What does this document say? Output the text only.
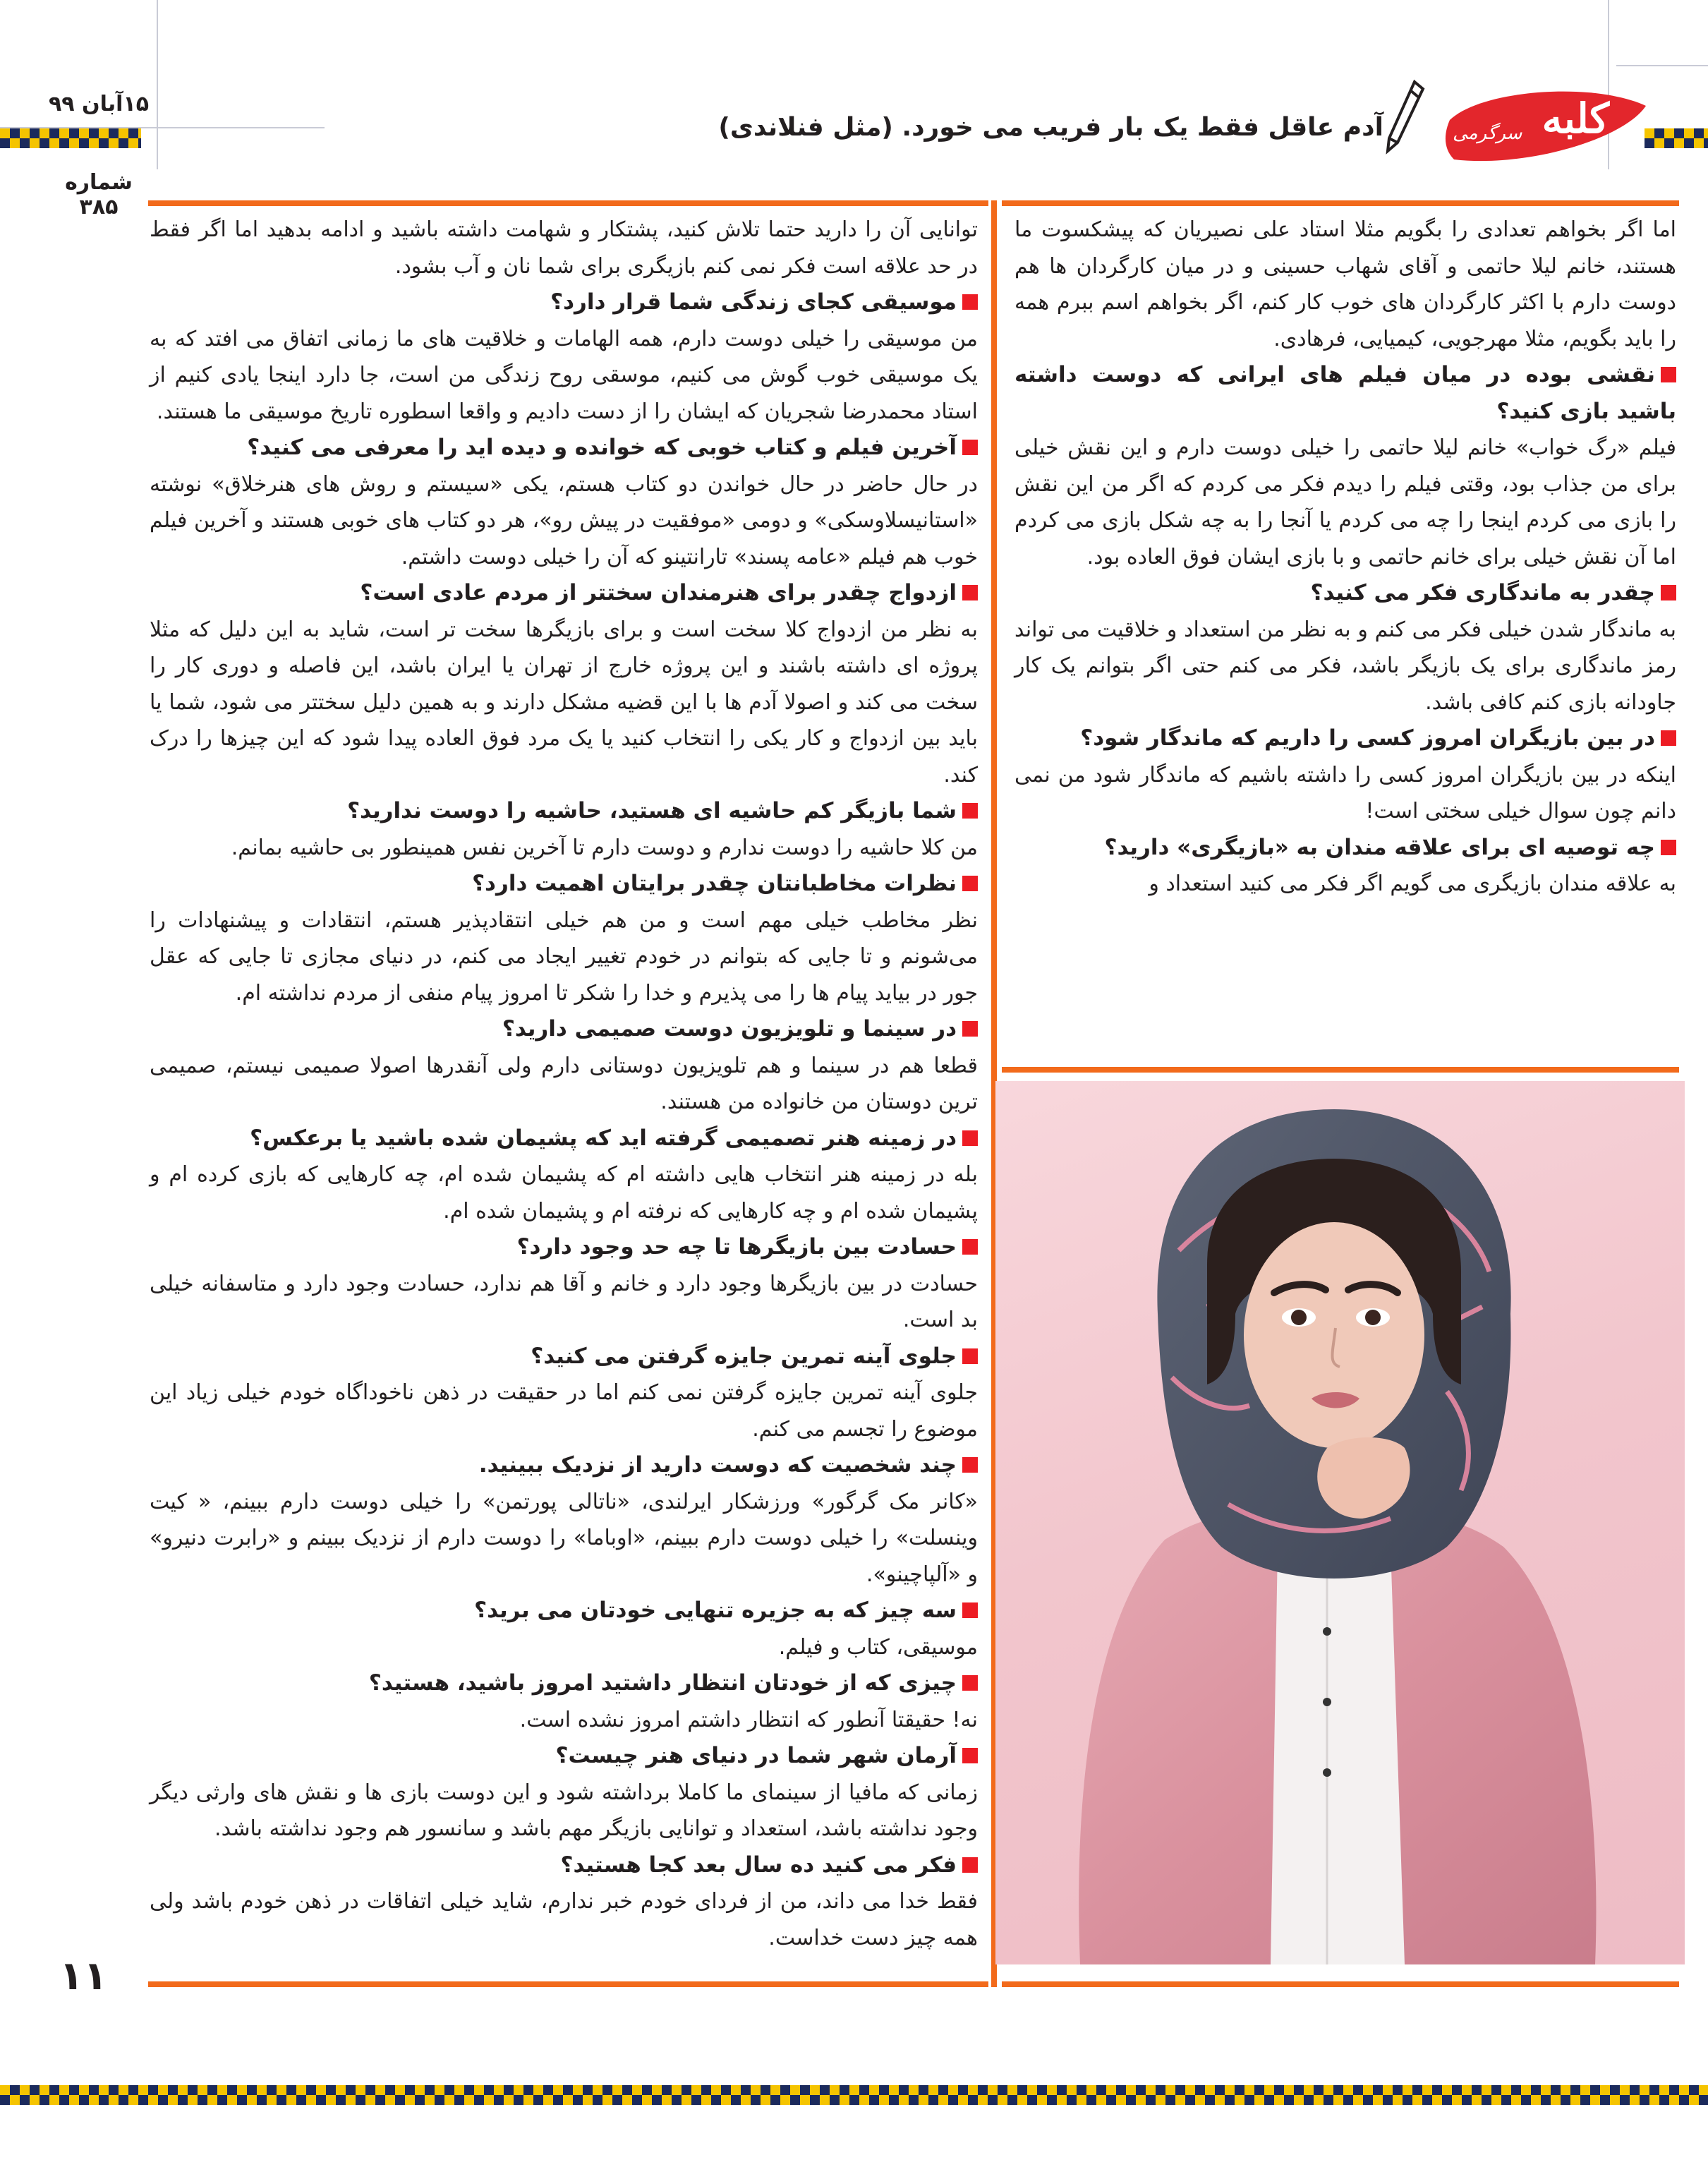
۱۵آبان ۹۹
شماره ۳۸۵
آدم عاقل فقط یک بار فریب می خورد. (مثل فنلاندی)	کلبه
سرگرمی

اما اگر بخواهم تعدادی را بگویم مثلا استاد علی نصیریان که پیشکسوت ما هستند، خانم لیلا حاتمی و آقای شهاب حسینی و در میان کارگردان ها هم دوست دارم با اکثر کارگردان های خوب کار کنم، اگر بخواهم اسم ببرم همه را باید بگویم، مثلا مهرجویی، کیمیایی، فرهادی.

نقشی بوده در میان فیلم های ایرانی که دوست داشته باشید بازی کنید؟

فیلم «رگ خواب» خانم لیلا حاتمی را خیلی دوست دارم و این نقش خیلی برای من جذاب بود، وقتی فیلم را دیدم فکر می کردم که اگر من این نقش را بازی می کردم اینجا را چه می کردم یا آنجا را به چه شکل بازی می کردم اما آن نقش خیلی برای خانم حاتمی و با بازی ایشان فوق العاده بود.

چقدر به ماندگاری فکر می کنید؟

به ماندگار شدن خیلی فکر می کنم و به نظر من استعداد و خلاقیت می تواند رمز ماندگاری برای یک بازیگر باشد، فکر می کنم حتی اگر بتوانم یک کار جاودانه بازی کنم کافی باشد.

در بین بازیگران امروز کسی را داریم که ماندگار شود؟

اینکه در بین بازیگران امروز کسی را داشته باشیم که ماندگار شود من نمی دانم چون سوال خیلی سختی است!

چه توصیه ای برای علاقه مندان به «بازیگری» دارید؟

به علاقه مندان بازیگری می گویم اگر فکر می کنید استعداد و

توانایی آن را دارید حتما تلاش کنید، پشتکار و شهامت داشته باشید و ادامه بدهید اما اگر فقط در حد علاقه است فکر نمی کنم بازیگری برای شما نان و آب بشود.

موسیقی کجای زندگی شما قرار دارد؟

من موسیقی را خیلی دوست دارم، همه الهامات و خلاقیت های ما زمانی اتفاق می افتد که به یک موسیقی خوب گوش می کنیم، موسقی روح زندگی من است، جا دارد اینجا یادی کنیم از استاد محمدرضا شجریان که ایشان را از دست دادیم و واقعا اسطوره تاریخ موسیقی ما هستند.

آخرین فیلم و کتاب خوبی که خوانده و دیده اید را معرفی می کنید؟

در حال حاضر در حال خواندن دو کتاب هستم، یکی «سیستم و روش های هنرخلاق» نوشته «استانیسلاوسکی» و دومی «موفقیت در پیش رو»، هر دو کتاب های خوبی هستند و آخرین فیلم خوب هم فیلم «عامه پسند» تارانتینو که آن را خیلی دوست داشتم.

ازدواج چقدر برای هنرمندان سختتر از مردم عادی است؟

به نظر من ازدواج کلا سخت است و برای بازیگرها سخت تر است، شاید به این دلیل که مثلا پروژه ای داشته باشند و این پروژه خارج از تهران یا ایران باشد، این فاصله و دوری کار را سخت می کند و اصولا آدم ها با این قضیه مشکل دارند و به همین دلیل سختتر می شود، شما یا باید بین ازدواج و کار یکی را انتخاب کنید یا یک مرد فوق العاده پیدا شود که این چیزها را درک کند.

شما بازیگر کم حاشیه ای هستید، حاشیه را دوست ندارید؟

من کلا حاشیه را دوست ندارم و دوست دارم تا آخرین نفس همینطور بی حاشیه بمانم.

نظرات مخاطبانتان چقدر برایتان اهمیت دارد؟

نظر مخاطب خیلی مهم است و من هم خیلی انتقادپذیر هستم، انتقادات و پیشنهادات را می‌شونم و تا جایی که بتوانم در خودم تغییر ایجاد می کنم، در دنیای مجازی تا جایی که عقل جور در بیاید پیام ها را می پذیرم و خدا را شکر تا امروز پیام منفی از مردم نداشته ام.

در سینما و تلویزیون دوست صمیمی دارید؟

قطعا هم در سینما و هم تلویزیون دوستانی دارم ولی آنقدرها اصولا صمیمی نیستم، صمیمی ترین دوستان من خانواده من هستند.

در زمینه هنر تصمیمی گرفته اید که پشیمان شده باشید یا برعکس؟

بله در زمینه هنر انتخاب هایی داشته ام که پشیمان شده ام، چه کارهایی که بازی کرده ام و پشیمان شده ام و چه کارهایی که نرفته ام و پشیمان شده ام.

حسادت بین بازیگرها تا چه حد وجود دارد؟

حسادت در بین بازیگرها وجود دارد و خانم و آقا هم ندارد، حسادت وجود دارد و متاسفانه خیلی بد است.

جلوی آینه تمرین جایزه گرفتن می کنید؟

جلوی آینه تمرین جایزه گرفتن نمی کنم اما در حقیقت در ذهن ناخوداگاه خودم خیلی زیاد این موضوع را تجسم می کنم.

چند شخصیت که دوست دارید از نزدیک ببینید.

«کانر مک گرگور» ورزشکار ایرلندی، «ناتالی پورتمن» را خیلی دوست دارم ببینم، « کیت وینسلت» را خیلی دوست دارم ببینم، «اوباما» را دوست دارم از نزدیک ببینم و «رابرت دنیرو» و «آلپاچینو».

سه چیز که به جزیره تنهایی خودتان می برید؟

موسیقی، کتاب و فیلم.

چیزی که از خودتان انتظار داشتید امروز باشید، هستید؟

نه! حقیقتا آنطور که انتظار داشتم امروز نشده است.

آرمان شهر شما در دنیای هنر چیست؟

زمانی که مافیا از سینمای ما کاملا برداشته شود و این دوست بازی ها و نقش های وارثی دیگر وجود نداشته باشد، استعداد و توانایی بازیگر مهم باشد و سانسور هم وجود نداشته باشد.

فکر می کنید ده سال بعد کجا هستید؟

فقط خدا می داند، من از فردای خودم خبر ندارم، شاید خیلی اتفاقات در ذهن خودم باشد ولی همه چیز دست خداست.

۱۱
